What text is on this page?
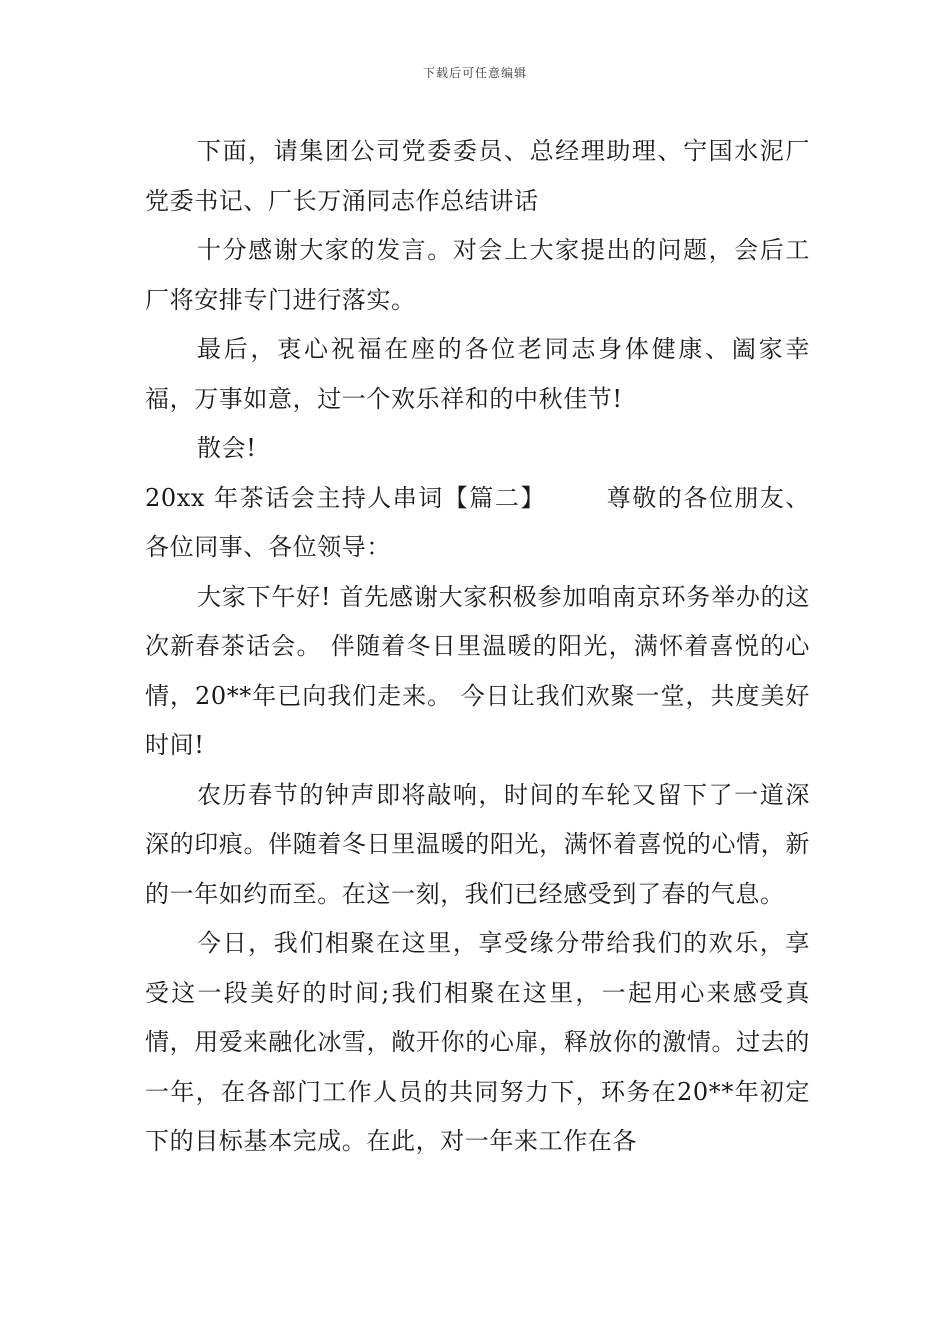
下载后可任意编辑

下面，请集团公司党委委员、总经理助理、宁国水泥厂党委书记、厂长万涌同志作总结讲话

十分感谢大家的发言。对会上大家提出的问题，会后工厂将安排专门进行落实。

最后，衷心祝福在座的各位老同志身体健康、阖家幸福，万事如意，过一个欢乐祥和的中秋佳节!

散会!

20xx 年茶话会主持人串词【篇二】	尊敬的各位朋友、各位同事、各位领导：

大家下午好! 首先感谢大家积极参加咱南京环务举办的这次新春茶话会。 伴随着冬日里温暖的阳光，满怀着喜悦的心情，20**年已向我们走来。 今日让我们欢聚一堂，共度美好时间!

农历春节的钟声即将敲响，时间的车轮又留下了一道深深的印痕。伴随着冬日里温暖的阳光，满怀着喜悦的心情，新的一年如约而至。在这一刻，我们已经感受到了春的气息。

今日，我们相聚在这里，享受缘分带给我们的欢乐，享受这一段美好的时间;我们相聚在这里，一起用心来感受真情，用爱来融化冰雪，敞开你的心扉，释放你的激情。过去的一年，在各部门工作人员的共同努力下，环务在20**年初定下的目标基本完成。在此，对一年来工作在各
